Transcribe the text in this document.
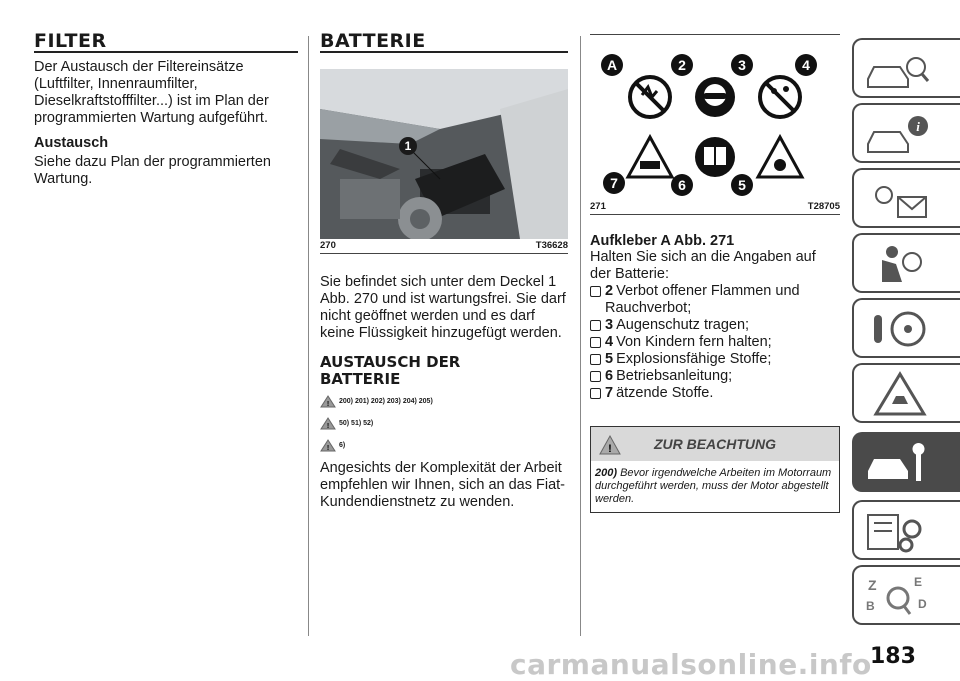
FILTER

Der Austausch der Filtereinsätze (Luftfilter, Innenraumfilter, Dieselkraftstofffilter...) ist im Plan der programmierten Wartung aufgeführt.

Austausch

Siehe dazu Plan der programmierten Wartung.

BATTERIE
1
270	T36628

Sie befindet sich unter dem Deckel 1 Abb. 270 und ist wartungsfrei. Sie darf nicht geöffnet werden und es darf keine Flüssigkeit hinzugefügt werden.

AUSTAUSCH DER BATTERIE
! 200) 201) 202) 203) 204) 205)
! 50) 51) 52)
! 6)

Angesichts der Komplexität der Arbeit empfehlen wir Ihnen, sich an das Fiat-Kundendienstnetz zu wenden.

A	2	3	4
7	6	5
271	T28705

Aufkleber A Abb. 271

Halten Sie sich an die Angaben auf der Batterie:

2 Verbot offener Flammen und Rauchverbot;
3 Augenschutz tragen;
4 Von Kindern fern halten;
5 Explosionsfähige Stoffe;
6 Betriebsanleitung;
7 ätzende Stoffe.
!	ZUR BEACHTUNG

200) Bevor irgendwelche Arbeiten im Motorraum durchgeführt werden, muss der Motor abgestellt werden.

i
Z	E
B	D
183
carmanualsonline.info
